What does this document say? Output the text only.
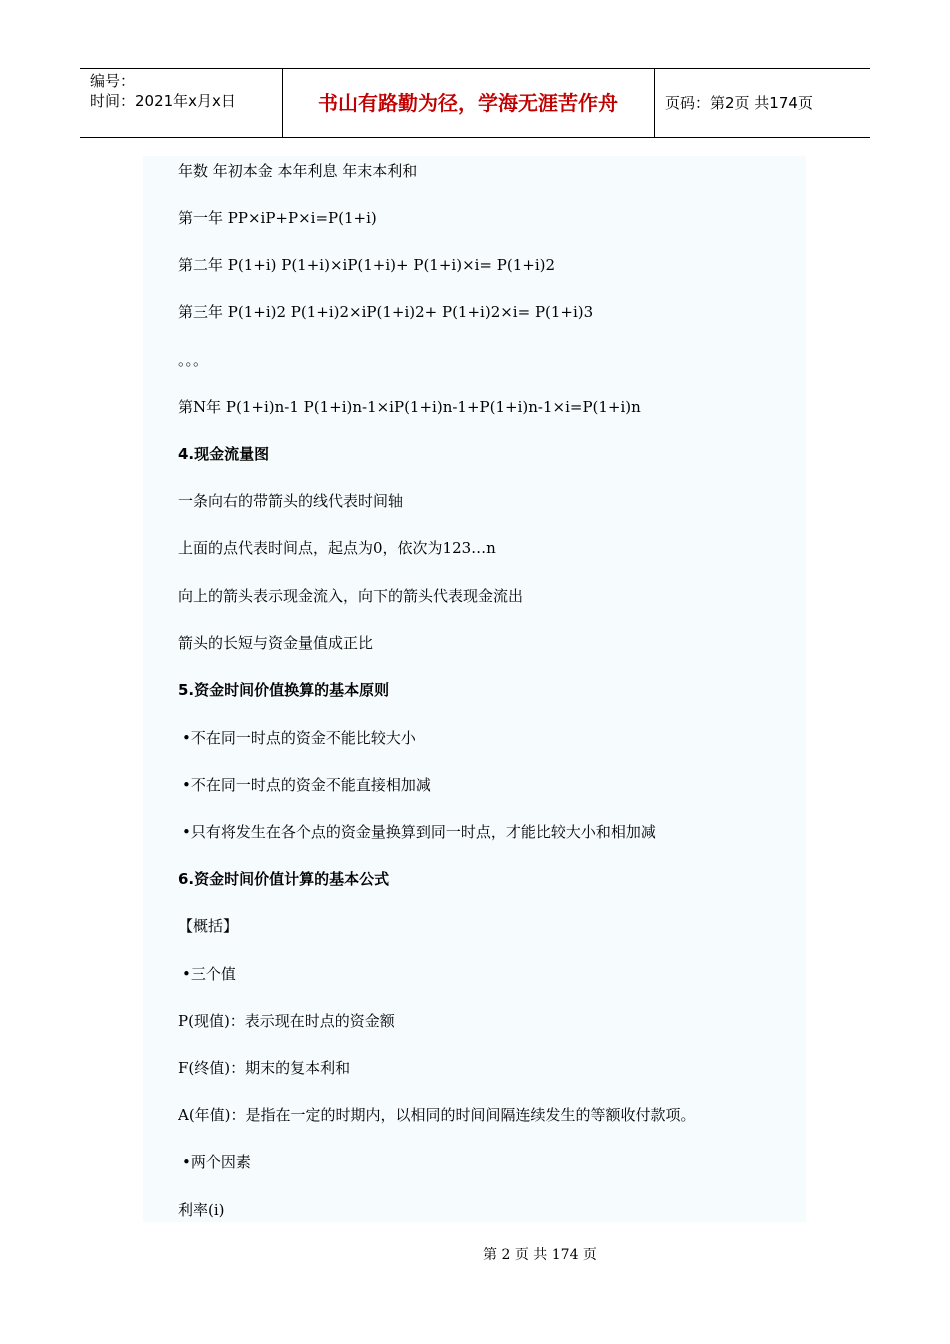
编号：
时间：2021年x月x日	书山有路勤为径，学海无涯苦作舟	页码：第2页 共174页
年数 年初本金 本年利息 年末本利和
第一年 PP×iP+P×i=P(1+i)
第二年 P(1+i) P(1+i)×iP(1+i)+ P(1+i)×i= P(1+i)2
第三年 P(1+i)2 P(1+i)2×iP(1+i)2+ P(1+i)2×i= P(1+i)3
。。。
第N年 P(1+i)n-1 P(1+i)n-1×iP(1+i)n-1+P(1+i)n-1×i=P(1+i)n
4.现金流量图
一条向右的带箭头的线代表时间轴
上面的点代表时间点，起点为0，依次为123…n
向上的箭头表示现金流入，向下的箭头代表现金流出
箭头的长短与资金量值成正比
5.资金时间价值换算的基本原则
•不在同一时点的资金不能比较大小
•不在同一时点的资金不能直接相加减
•只有将发生在各个点的资金量换算到同一时点，才能比较大小和相加减
6.资金时间价值计算的基本公式
【概括】
•三个值
P(现值)：表示现在时点的资金额
F(终值)：期末的复本利和
A(年值)：是指在一定的时期内，以相同的时间间隔连续发生的等额收付款项。
•两个因素
利率(i)
第 2 页 共 174 页
